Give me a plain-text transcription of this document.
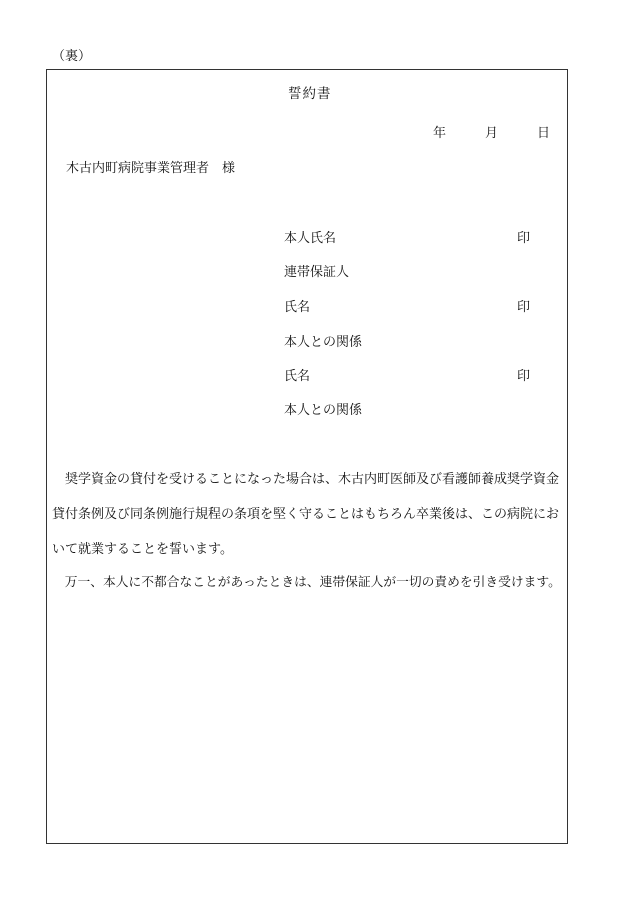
（裏）
誓約書
年	月	日
木古内町病院事業管理者　様
本人氏名	印
連帯保証人
氏名	印
本人との関係
氏名	印
本人との関係
　奨学資金の貸付を受けることになった場合は、木古内町医師及び看護師養成奨学資金
貸付条例及び同条例施行規程の条項を堅く守ることはもちろん卒業後は、この病院にお
いて就業することを誓います。
　万一、本人に不都合なことがあったときは、連帯保証人が一切の責めを引き受けます。
